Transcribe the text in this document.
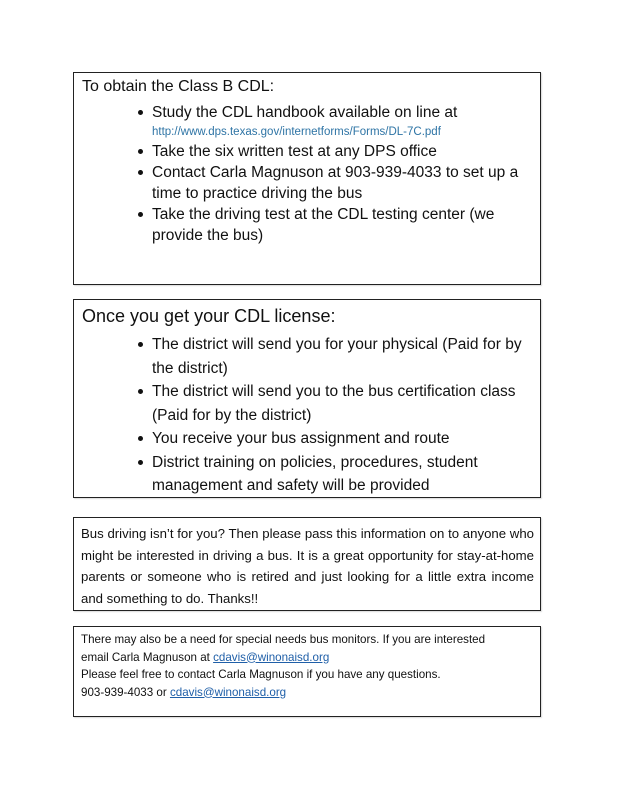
To obtain the Class B CDL:
Study the CDL handbook available on line at
http://www.dps.texas.gov/internetforms/Forms/DL-7C.pdf
Take the six written test at any DPS office
Contact Carla Magnuson at 903-939-4033 to set up a time to practice driving the bus
Take the driving test at the CDL testing center (we provide the bus)
Once you get your CDL license:
The district will send you for your physical (Paid for by the district)
The district will send you to the bus certification class (Paid for by the district)
You receive your bus assignment and route
District training on policies, procedures, student management and safety will be provided
Bus driving isn’t for you? Then please pass this information on to anyone who might be interested in driving a bus. It is a great opportunity for stay-at-home parents or someone who is retired and just looking for a little extra income and something to do. Thanks!!
There may also be a need for special needs bus monitors. If you are interested
email Carla Magnuson at cdavis@winonaisd.org
Please feel free to contact Carla Magnuson if you have any questions.
903-939-4033 or cdavis@winonaisd.org
